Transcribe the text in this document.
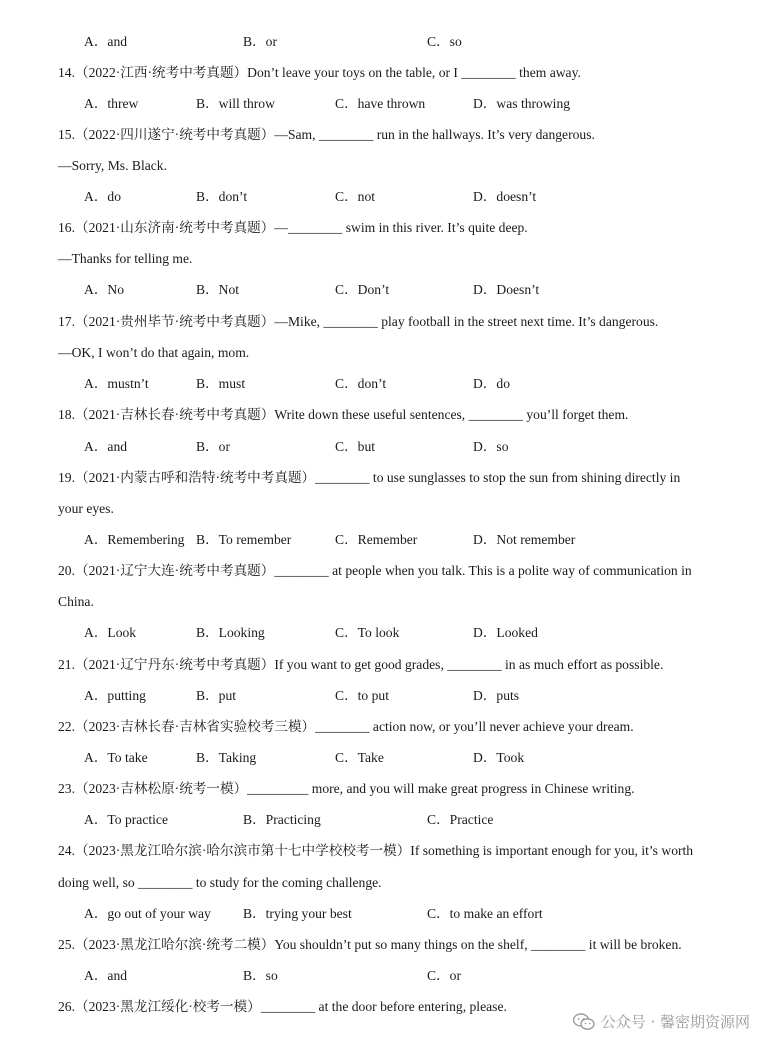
A．and	B．or	C．so
14.（2022·江西·统考中考真题）Don’t leave your toys on the table, or I ________ them away.
A．threw	B．will throw	C．have thrown	D．was throwing
15.（2022·四川遂宁·统考中考真题）—Sam, ________ run in the hallways. It’s very dangerous.
—Sorry, Ms. Black.
A．do	B．don’t	C．not	D．doesn’t
16.（2021·山东济南·统考中考真题）—________ swim in this river. It’s quite deep.
—Thanks for telling me.
A．No	B．Not	C．Don’t	D．Doesn’t
17.（2021·贵州毕节·统考中考真题）—Mike, ________ play football in the street next time. It’s dangerous.
—OK, I won’t do that again, mom.
A．mustn’t	B．must	C．don’t	D．do
18.（2021·吉林长春·统考中考真题）Write down these useful sentences, ________ you’ll forget them.
A．and	B．or	C．but	D．so
19.（2021·内蒙古呼和浩特·统考中考真题）________ to use sunglasses to stop the sun from shining directly in
your eyes.
A．Remembering B．To remember	C．Remember	D．Not remember
20.（2021·辽宁大连·统考中考真题）________ at people when you talk. This is a polite way of communication in
China.
A．Look	B．Looking	C．To look	D．Looked
21.（2021·辽宁丹东·统考中考真题）If you want to get good grades, ________ in as much effort as possible.
A．putting	B．put	C．to put	D．puts
22.（2023·吉林长春·吉林省实验校考三模）________ action now, or you’ll never achieve your dream.
A．To take	B．Taking	C．Take	D．Took
23.（2023·吉林松原·统考一模）_________ more, and you will make great progress in Chinese writing.
A．To practice	B．Practicing	C．Practice
24.（2023·黑龙江哈尔滨·哈尔滨市第十七中学校校考一模）If something is important enough for you, it’s worth
doing well, so ________ to study for the coming challenge.
A．go out of your way B．trying your best	C．to make an effort
25.（2023·黑龙江哈尔滨·统考二模）You shouldn’t put so many things on the shelf, ________ it will be broken.
A．and	B．so	C．or
26.（2023·黑龙江绥化·校考一模）________ at the door before entering, please.
公众号 · 馨密期资源网
